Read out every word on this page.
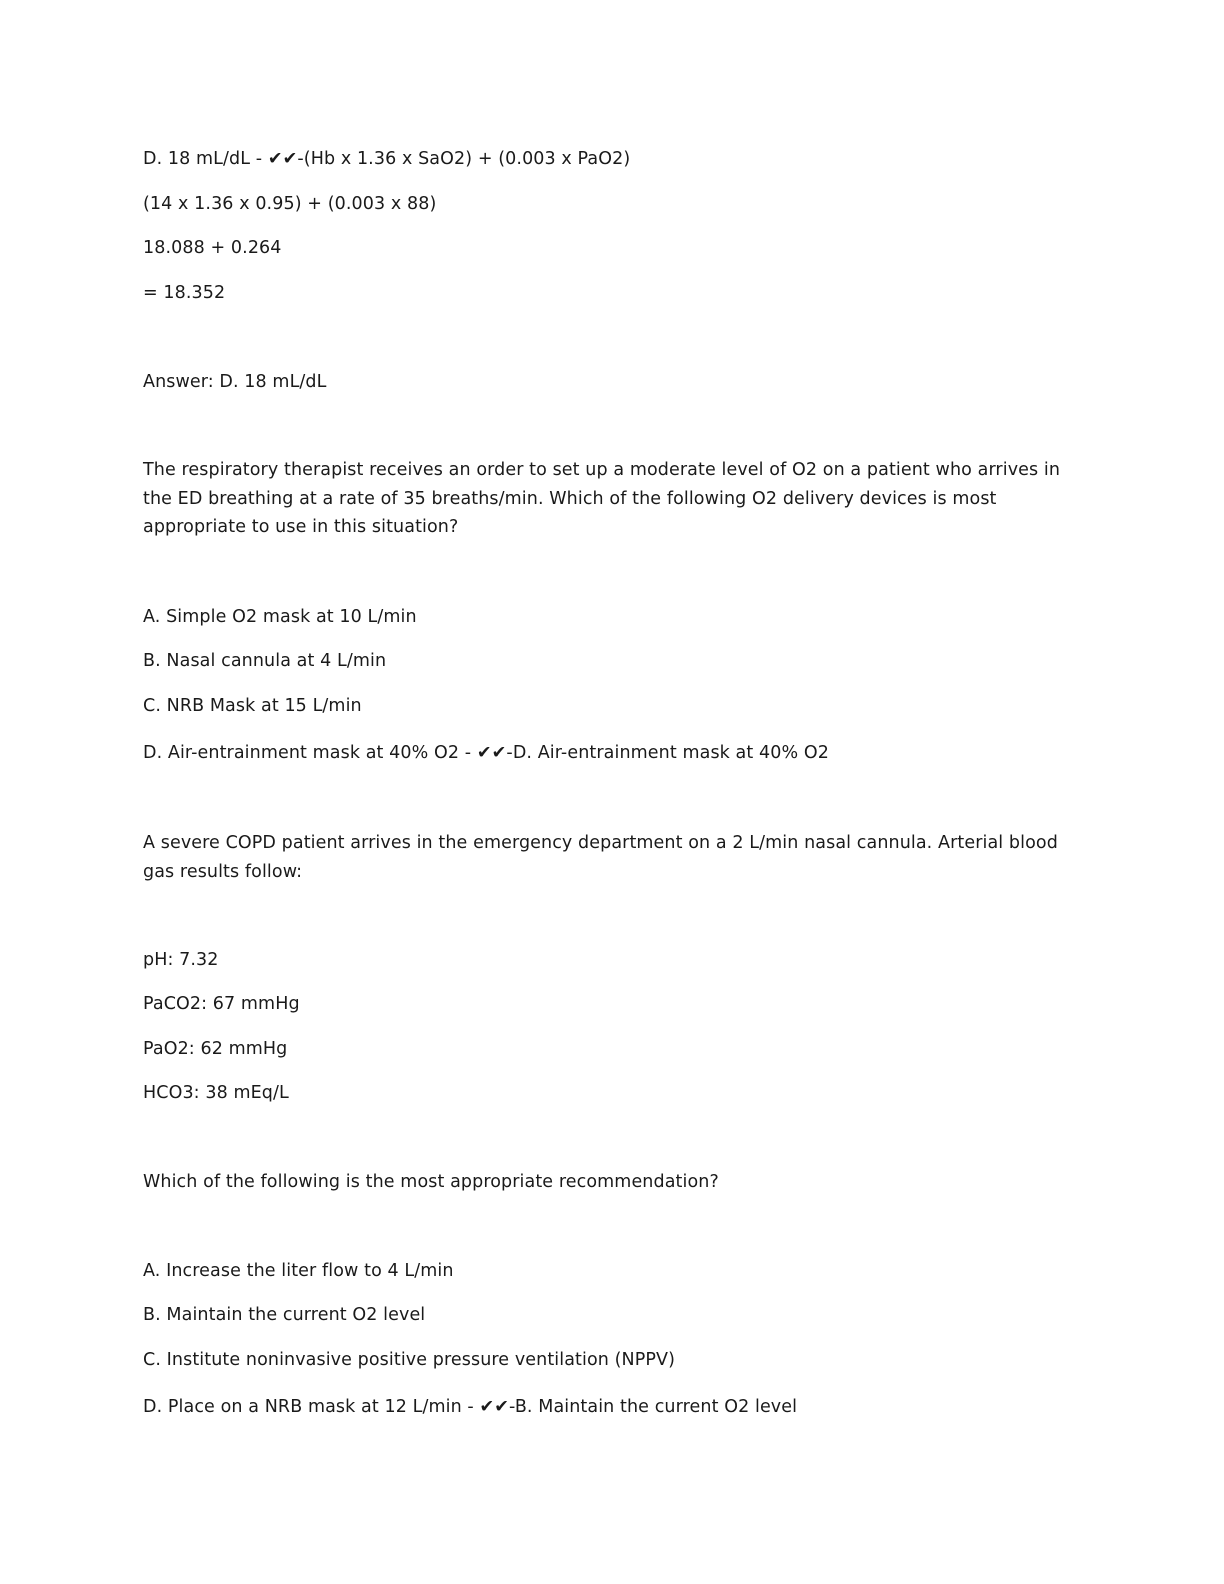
D. 18 mL/dL - ✔✔-(Hb x 1.36 x SaO2) + (0.003 x PaO2)
(14 x 1.36 x 0.95) + (0.003 x 88)
18.088 + 0.264
= 18.352
Answer: D. 18 mL/dL
The respiratory therapist receives an order to set up a moderate level of O2 on a patient who arrives in the ED breathing at a rate of 35 breaths/min. Which of the following O2 delivery devices is most appropriate to use in this situation?
A. Simple O2 mask at 10 L/min
B. Nasal cannula at 4 L/min
C. NRB Mask at 15 L/min
D. Air-entrainment mask at 40% O2 - ✔✔-D. Air-entrainment mask at 40% O2
A severe COPD patient arrives in the emergency department on a 2 L/min nasal cannula. Arterial blood gas results follow:
pH: 7.32
PaCO2: 67 mmHg
PaO2: 62 mmHg
HCO3: 38 mEq/L
Which of the following is the most appropriate recommendation?
A. Increase the liter flow to 4 L/min
B. Maintain the current O2 level
C. Institute noninvasive positive pressure ventilation (NPPV)
D. Place on a NRB mask at 12 L/min - ✔✔-B. Maintain the current O2 level
